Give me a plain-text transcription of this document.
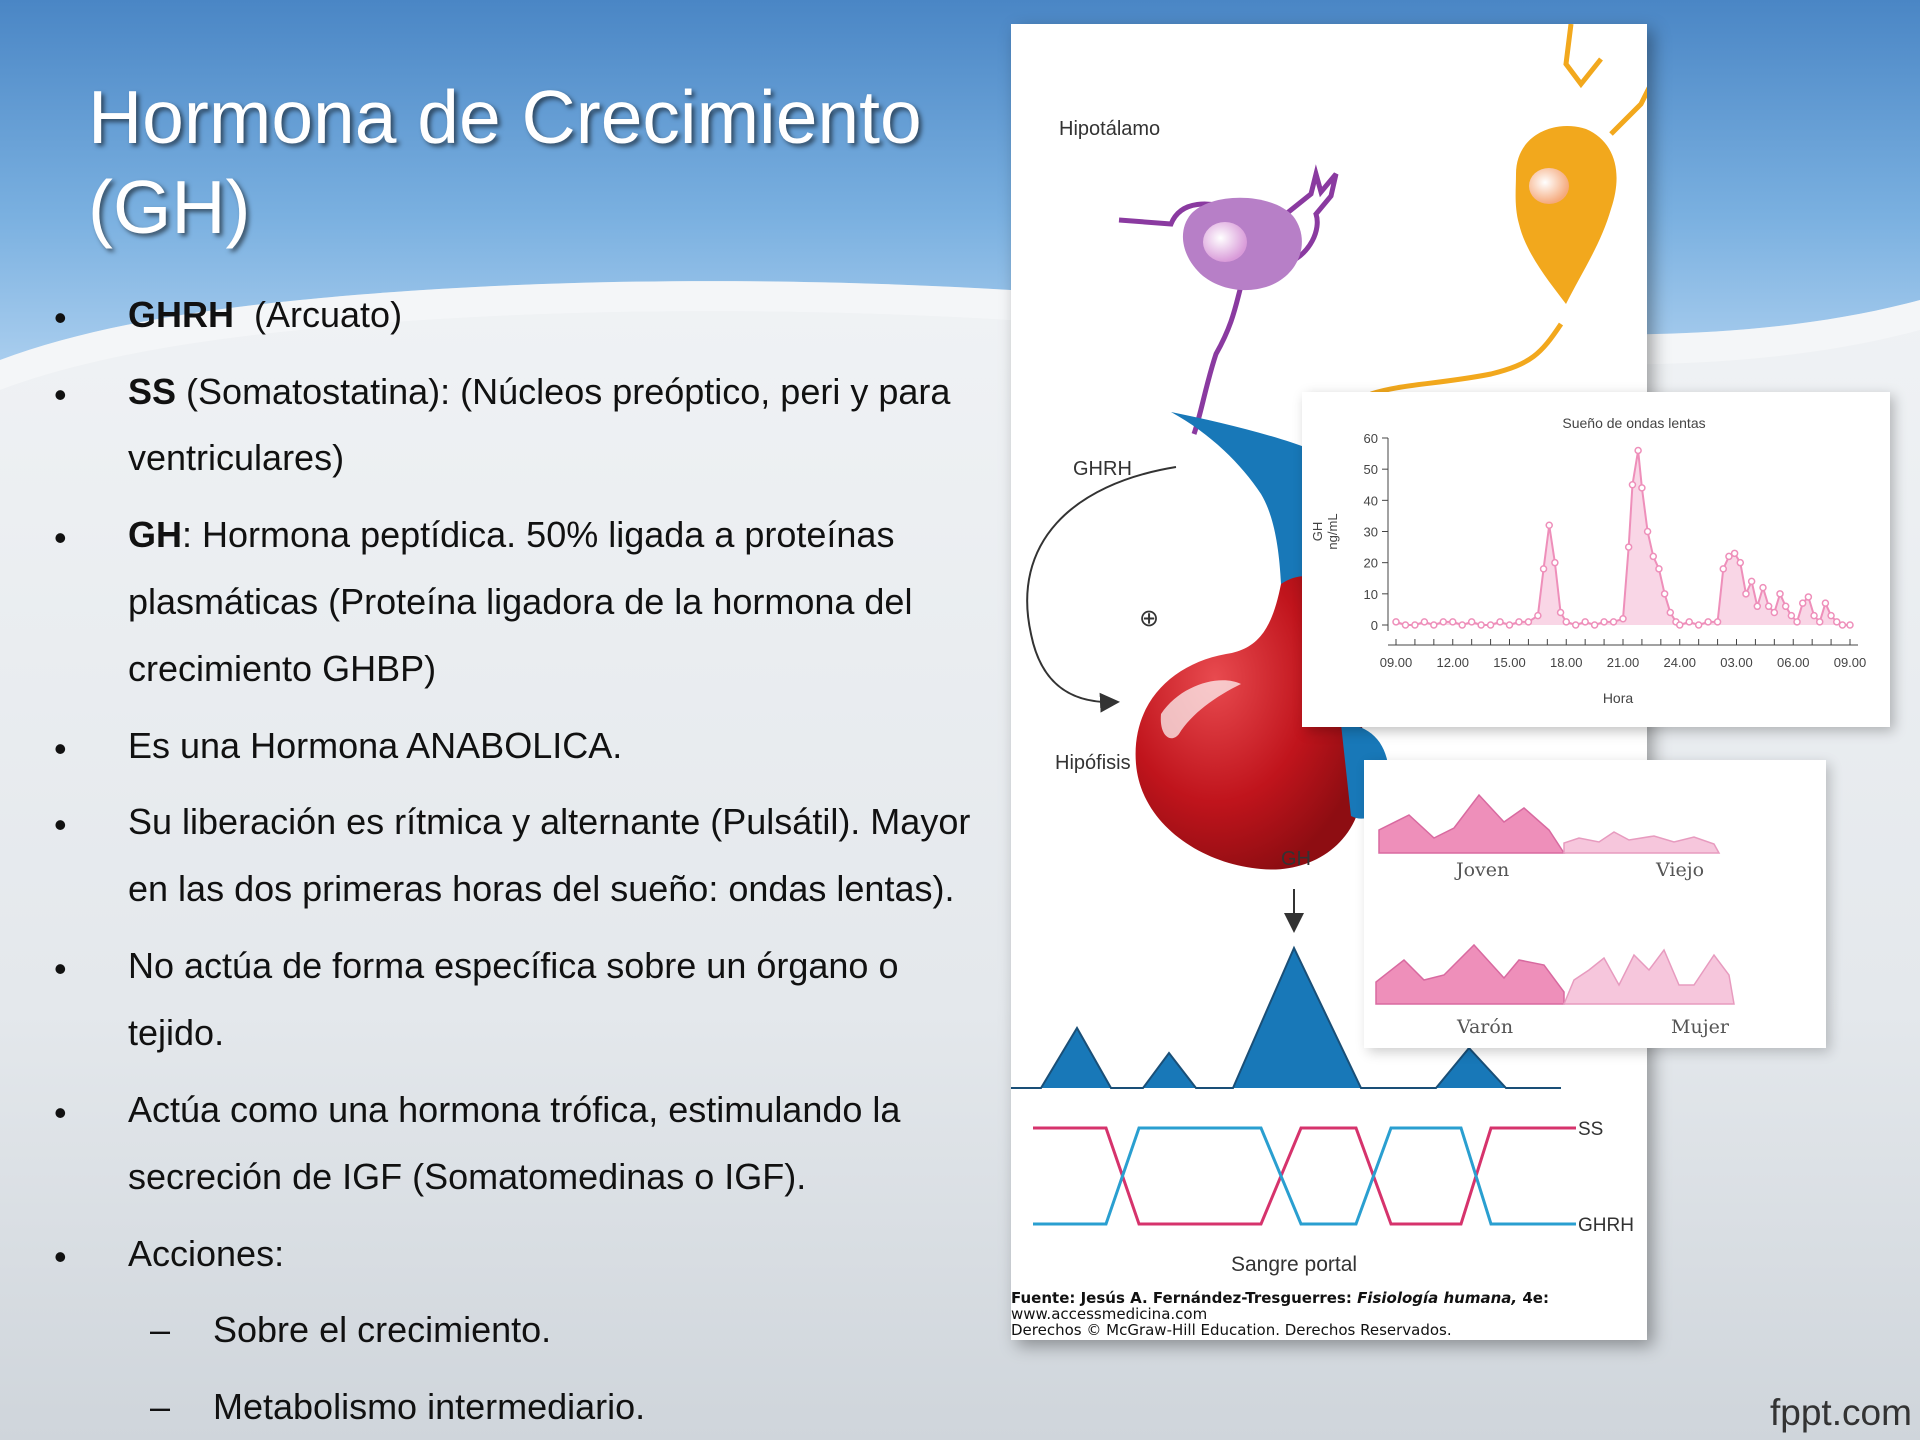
Hormona de Crecimiento
(GH)
• GHRH (Arcuato)
• SS (Somatostatina): (Núcleos preóptico, peri y para
ventriculares)
• GH: Hormona peptídica. 50% ligada a proteínas
plasmáticas (Proteína ligadora de la hormona del
crecimiento GHBP)
• Es una Hormona ANABOLICA.
• Su liberación es rítmica y alternante (Pulsátil). Mayor
en las dos primeras horas del sueño: ondas lentas).
• No actúa de forma específica sobre un órgano o
tejido.
• Actúa como una hormona trófica, estimulando la
secreción de IGF (Somatomedinas o IGF).
• Acciones:
– Sobre el crecimiento.
– Metabolismo intermediario.
Hipotálamo
GHRH
⊕
Hipófisis
GH
SS
GHRH
Sangre portal
Fuente: Jesús A. Fernández-Tresguerres: Fisiología humana, 4e:
www.accessmedicina.com
Derechos © McGraw-Hill Education. Derechos Reservados.
0
10
20
30
40
50
60
09.00 12.00 15.00 18.00 21.00 24.00 03.00 06.00 09.00
Sueño de ondas lentas
Hora
GH ng/mL
Joven	Viejo
Varón	Mujer
fppt.com
